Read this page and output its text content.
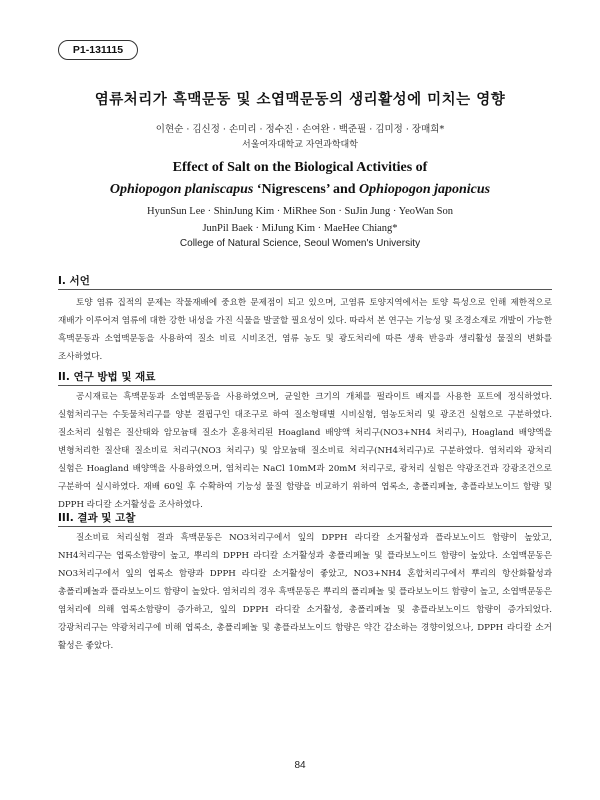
P1-131115
염류처리가 흑맥문동 및 소엽맥문동의 생리활성에 미치는 영향
이현순 · 김신정 · 손미리 · 정수진 · 손여완 · 백준필 · 김미정 · 장매희*
서울여자대학교 자연과학대학
Effect of Salt on the Biological Activities of
Ophiopogon planiscapus ‘Nigrescens’ and Ophiopogon japonicus
HyunSun Lee · ShinJung Kim · MiRhee Son · SuJin Jung · YeoWan Son
JunPil Baek · MiJung Kim · MaeHee Chiang*
College of Natural Science, Seoul Women's University
I. 서언

토양 염류 집적의 문제는 작물재배에 중요한 문제점이 되고 있으며, 고염류 토양지역에서는 토양 특성으로 인해 제한적으로 재배가 이루어져 염류에 대한 강한 내성을 가진 식물을 발굴할 필요성이 있다. 따라서 본 연구는 기능성 및 조경소재로 개발이 가능한 흑맥문동과 소엽맥문동을 사용하여 질소 비료 시비조건, 염류 농도 및 광도처리에 따른 생육 반응과 생리활성 물질의 변화를 조사하였다.

II. 연구 방법 및 재료

공시재료는 흑맥문동과 소엽맥문동을 사용하였으며, 균일한 크기의 개체를 펄라이트 배지를 사용한 포트에 정식하였다. 실험처리구는 수돗물처리구를 양분 결핍구인 대조구로 하여 질소형태별 시비실험, 염농도처리 및 광조건 실험으로 구분하였다. 질소처리 실험은 질산태와 암모늄태 질소가 혼용처리된 Hoagland 배양액 처리구(NO3+NH4 처리구), Hoagland 배양액을 변형처리한 질산태 질소비료 처리구(NO3 처리구) 및 암모늄태 질소비료 처리구(NH4처리구)로 구분하였다. 염처리와 광처리 실험은 Hoagland 배양액을 사용하였으며, 염처리는 NaCl 10mM과 20mM 처리구로, 광처리 실험은 약광조건과 강광조건으로 구분하여 실시하였다. 재배 60일 후 수확하여 기능성 물질 함량을 비교하기 위하여 엽록소, 총폴리페놀, 총플라보노이드 함량 및 DPPH 라디칼 소거활성을 조사하였다.

III. 결과 및 고찰

질소비료 처리실험 결과 흑맥문동은 NO3처리구에서 잎의 DPPH 라디칼 소거활성과 플라보노이드 함량이 높았고, NH4처리구는 엽록소함량이 높고, 뿌리의 DPPH 라디칼 소거활성과 총폴리페놀 및 플라보노이드 함량이 높았다. 소엽맥문동은 NO3처리구에서 잎의 엽록소 함량과 DPPH 라디칼 소거활성이 좋았고, NO3+NH4 혼합처리구에서 뿌리의 항산화활성과 총폴리페놀과 플라보노이드 함량이 높았다. 염처리의 경우 흑맥문동은 뿌리의 폴리페놀 및 플라보노이드 함량이 높고, 소엽맥문동은 염처리에 의해 엽록소함량이 증가하고, 잎의 DPPH 라디칼 소거활성, 총폴리페놀 및 총플라보노이드 함량이 증가되었다. 강광처리구는 약광처리구에 비해 엽록소, 총폴리페놀 및 총플라보노이드 함량은 약간 감소하는 경향이었으나, DPPH 라디칼 소거 활성은 좋았다.

84
